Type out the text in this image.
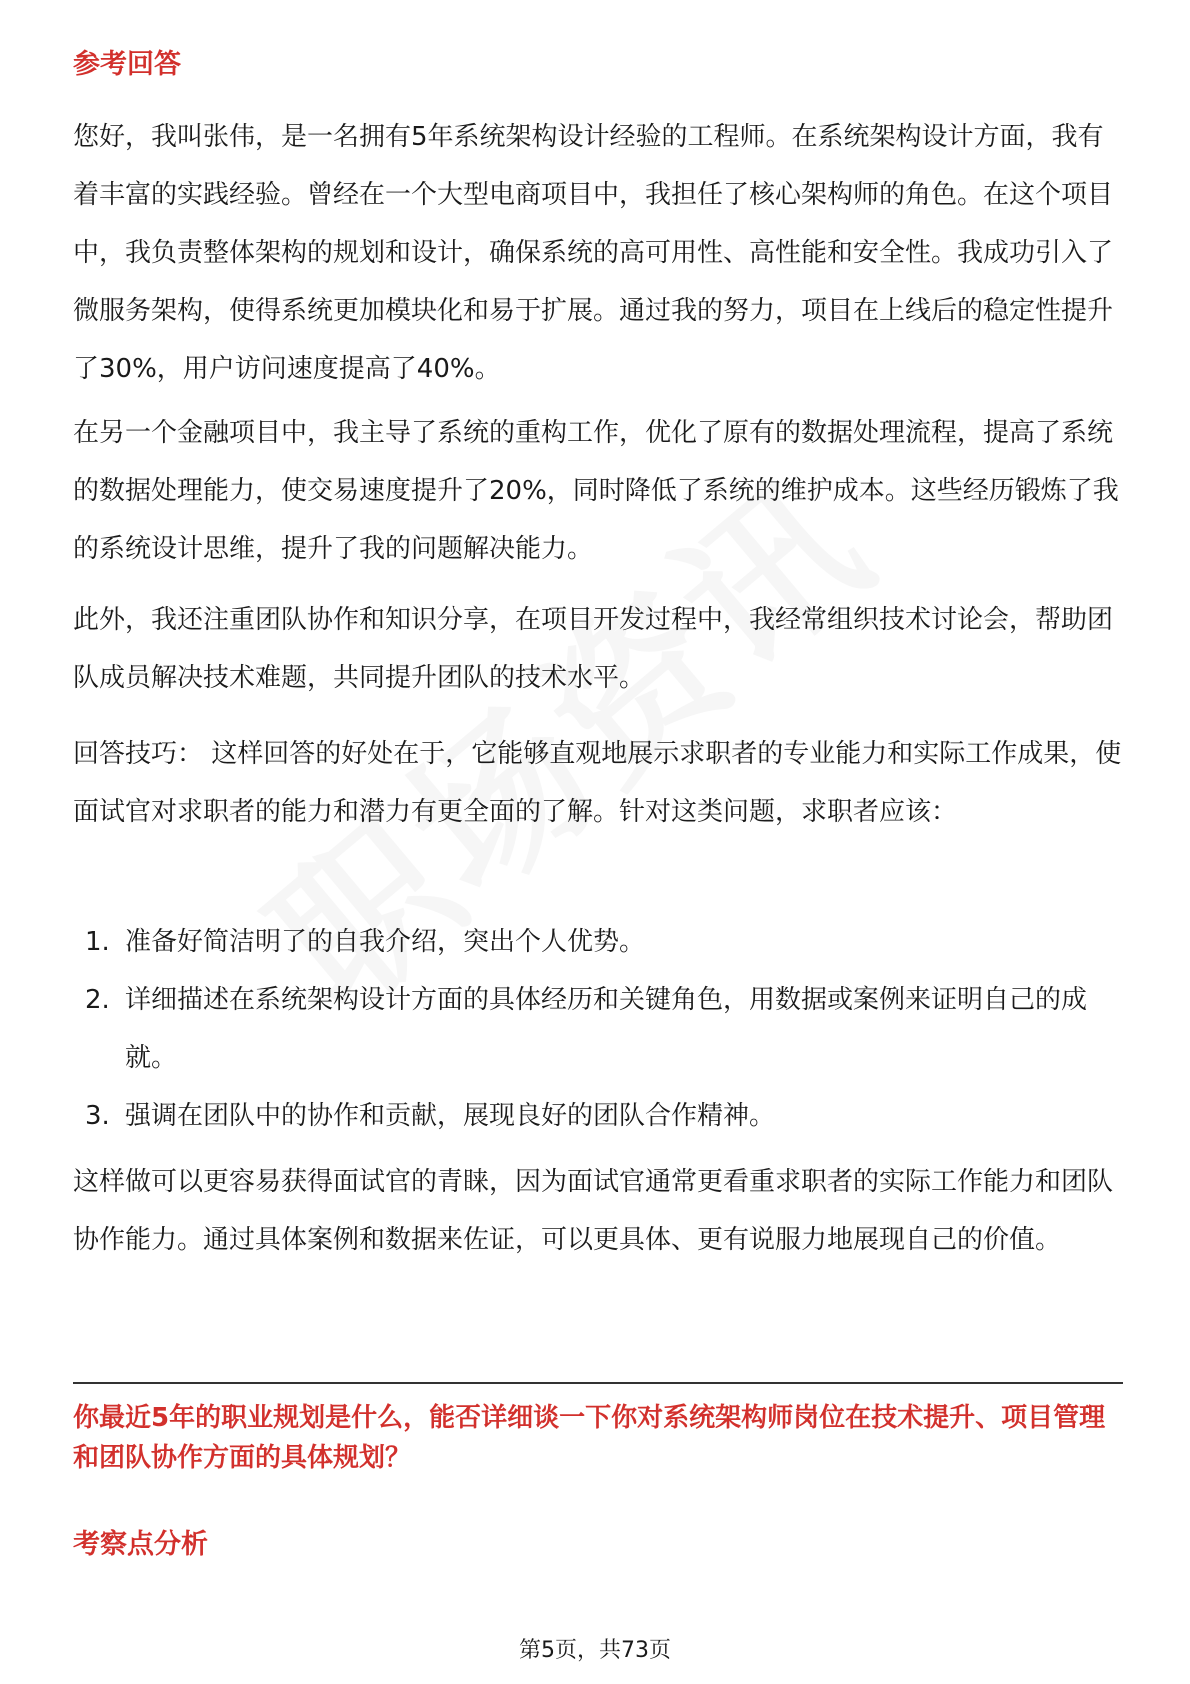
参考回答

您好，我叫张伟，是一名拥有5年系统架构设计经验的工程师。在系统架构设计方面，我有着丰富的实践经验。曾经在一个大型电商项目中，我担任了核心架构师的角色。在这个项目中，我负责整体架构的规划和设计，确保系统的高可用性、高性能和安全性。我成功引入了微服务架构，使得系统更加模块化和易于扩展。通过我的努力，项目在上线后的稳定性提升了30%，用户访问速度提高了40%。

在另一个金融项目中，我主导了系统的重构工作，优化了原有的数据处理流程，提高了系统的数据处理能力，使交易速度提升了20%，同时降低了系统的维护成本。这些经历锻炼了我的系统设计思维，提升了我的问题解决能力。

此外，我还注重团队协作和知识分享，在项目开发过程中，我经常组织技术讨论会，帮助团队成员解决技术难题，共同提升团队的技术水平。

回答技巧： 这样回答的好处在于，它能够直观地展示求职者的专业能力和实际工作成果，使面试官对求职者的能力和潜力有更全面的了解。针对这类问题，求职者应该：

1. 准备好简洁明了的自我介绍，突出个人优势。
2. 详细描述在系统架构设计方面的具体经历和关键角色，用数据或案例来证明自己的成就。
3. 强调在团队中的协作和贡献，展现良好的团队合作精神。

这样做可以更容易获得面试官的青睐，因为面试官通常更看重求职者的实际工作能力和团队协作能力。通过具体案例和数据来佐证，可以更具体、更有说服力地展现自己的价值。

你最近5年的职业规划是什么，能否详细谈一下你对系统架构师岗位在技术提升、项目管理和团队协作方面的具体规划？

考察点分析
第5页，共73页
